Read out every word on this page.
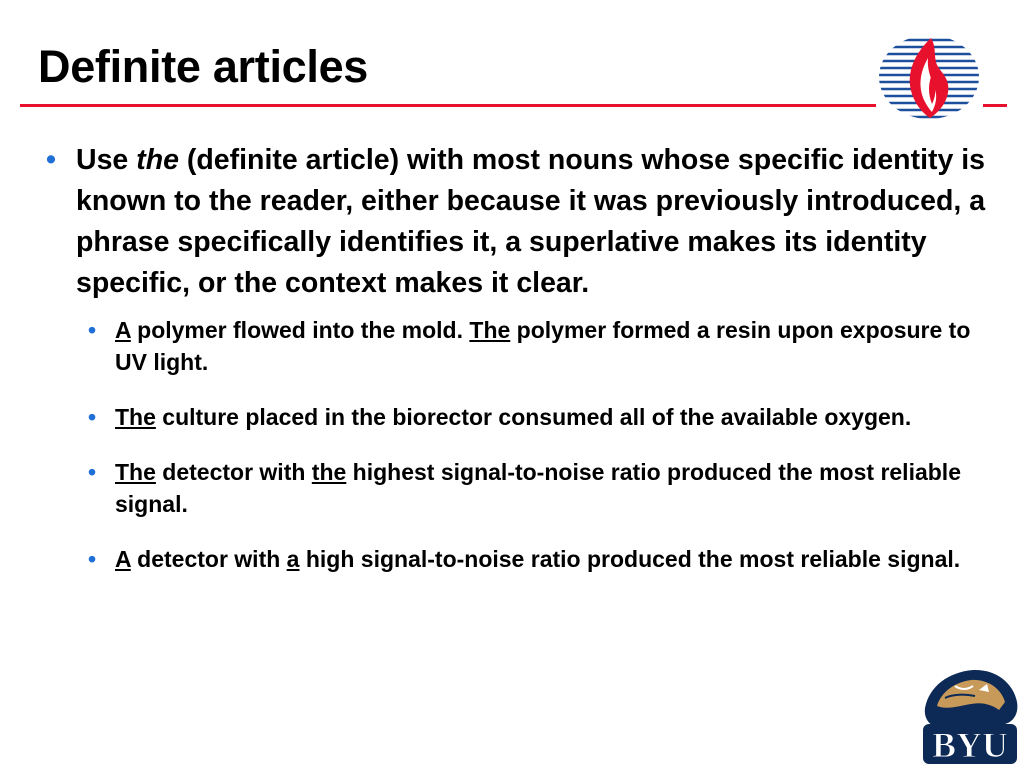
Definite articles

• Use the (definite article) with most nouns whose specific identity is known to the reader, either because it was previously introduced, a phrase specifically identifies it, a superlative makes its identity specific, or the context makes it clear.

• A polymer flowed into the mold. The polymer formed a resin upon exposure to UV light.

• The culture placed in the biorector consumed all of the available oxygen.

• The detector with the highest signal-to-noise ratio produced the most reliable signal.

• A detector with a high signal-to-noise ratio produced the most reliable signal.

BYU
